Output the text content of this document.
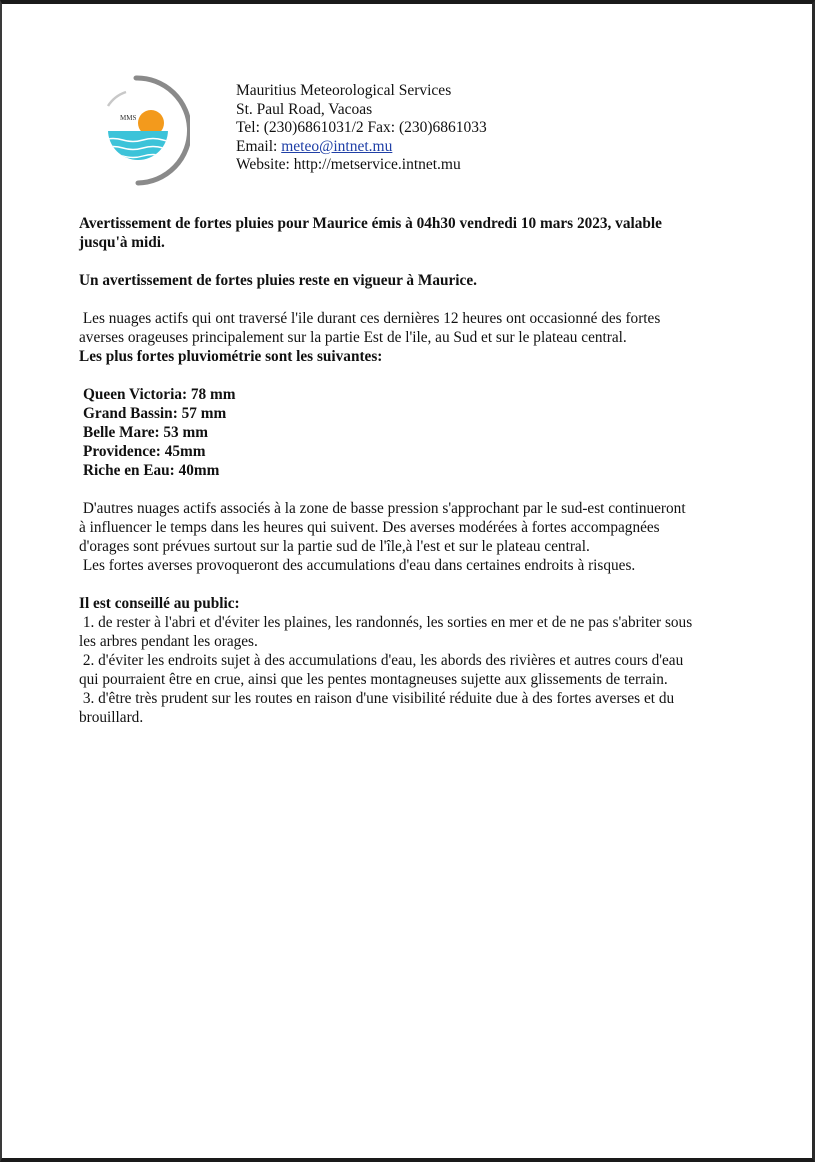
MMS
Mauritius Meteorological Services
St. Paul Road, Vacoas
Tel: (230)6861031/2 Fax: (230)6861033
Email: meteo@intnet.mu
Website: http://metservice.intnet.mu

Avertissement de fortes pluies pour Maurice émis à 04h30 vendredi 10 mars 2023, valable

jusqu'à midi.

Un avertissement de fortes pluies reste en vigueur à Maurice.

Les nuages actifs qui ont traversé l'ile durant ces dernières 12 heures ont occasionné des fortes

averses orageuses principalement sur la partie Est de l'ile, au Sud et sur le plateau central.

Les plus fortes pluviométrie sont les suivantes:

Queen Victoria: 78 mm

Grand Bassin: 57 mm

Belle Mare: 53 mm

Providence: 45mm

Riche en Eau: 40mm

D'autres nuages actifs associés à la zone de basse pression s'approchant par le sud-est continueront

à influencer le temps dans les heures qui suivent. Des averses modérées à fortes accompagnées

d'orages sont prévues surtout sur la partie sud de l'île,à l'est et sur le plateau central.

Les fortes averses provoqueront des accumulations d'eau dans certaines endroits à risques.

Il est conseillé au public:

1. de rester à l'abri et d'éviter les plaines, les randonnés, les sorties en mer et de ne pas s'abriter sous

les arbres pendant les orages.

2. d'éviter les endroits sujet à des accumulations d'eau, les abords des rivières et autres cours d'eau

qui pourraient être en crue, ainsi que les pentes montagneuses sujette aux glissements de terrain.

3. d'être très prudent sur les routes en raison d'une visibilité réduite due à des fortes averses et du

brouillard.
